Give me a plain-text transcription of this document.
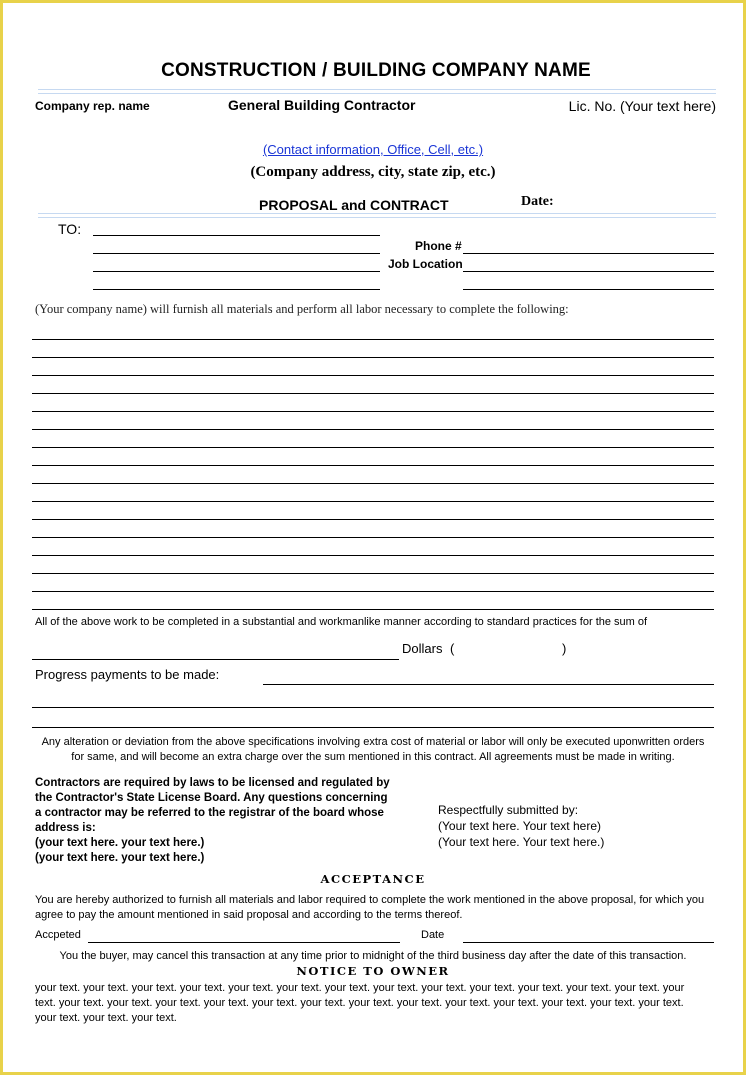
CONSTRUCTION / BUILDING COMPANY NAME
Company rep. name	General Building Contractor	Lic. No. (Your text here)
(Contact information, Office, Cell, etc.)
(Company address, city, state zip, etc.)
PROPOSAL and CONTRACT	Date:
TO:
Phone #
Job Location
(Your company name) will furnish all materials and perform all labor necessary to complete the following:
All of the above work to be completed in a substantial and workmanlike manner according to standard practices for the sum of
Dollars (	)
Progress payments to be made:
Any alteration or deviation from the above specifications involving extra cost of material or labor will only be executed uponwritten orders
for same, and will become an extra charge over the sum mentioned in this contract. All agreements must be made in writing.
Contractors are required by laws to be licensed and regulated by
the Contractor's State License Board. Any questions concerning
a contractor may be referred to the registrar of the board whose
address is:
(your text here. your text here.)
(your text here. your text here.)
Respectfully submitted by:
(Your text here. Your text here)
(Your text here. Your text here.)
ACCEPTANCE
You are hereby authorized to furnish all materials and labor required to complete the work mentioned in the above proposal, for which you
agree to pay the amount mentioned in said proposal and according to the terms thereof.
Accpeted	Date
You the buyer, may cancel this transaction at any time prior to midnight of the third business day after the date of this transaction.
NOTICE TO OWNER
your text. your text. your text. your text. your text. your text. your text. your text. your text. your text. your text. your text. your text. your
text. your text. your text. your text. your text. your text. your text. your text. your text. your text. your text. your text. your text. your text.
your text. your text. your text.
